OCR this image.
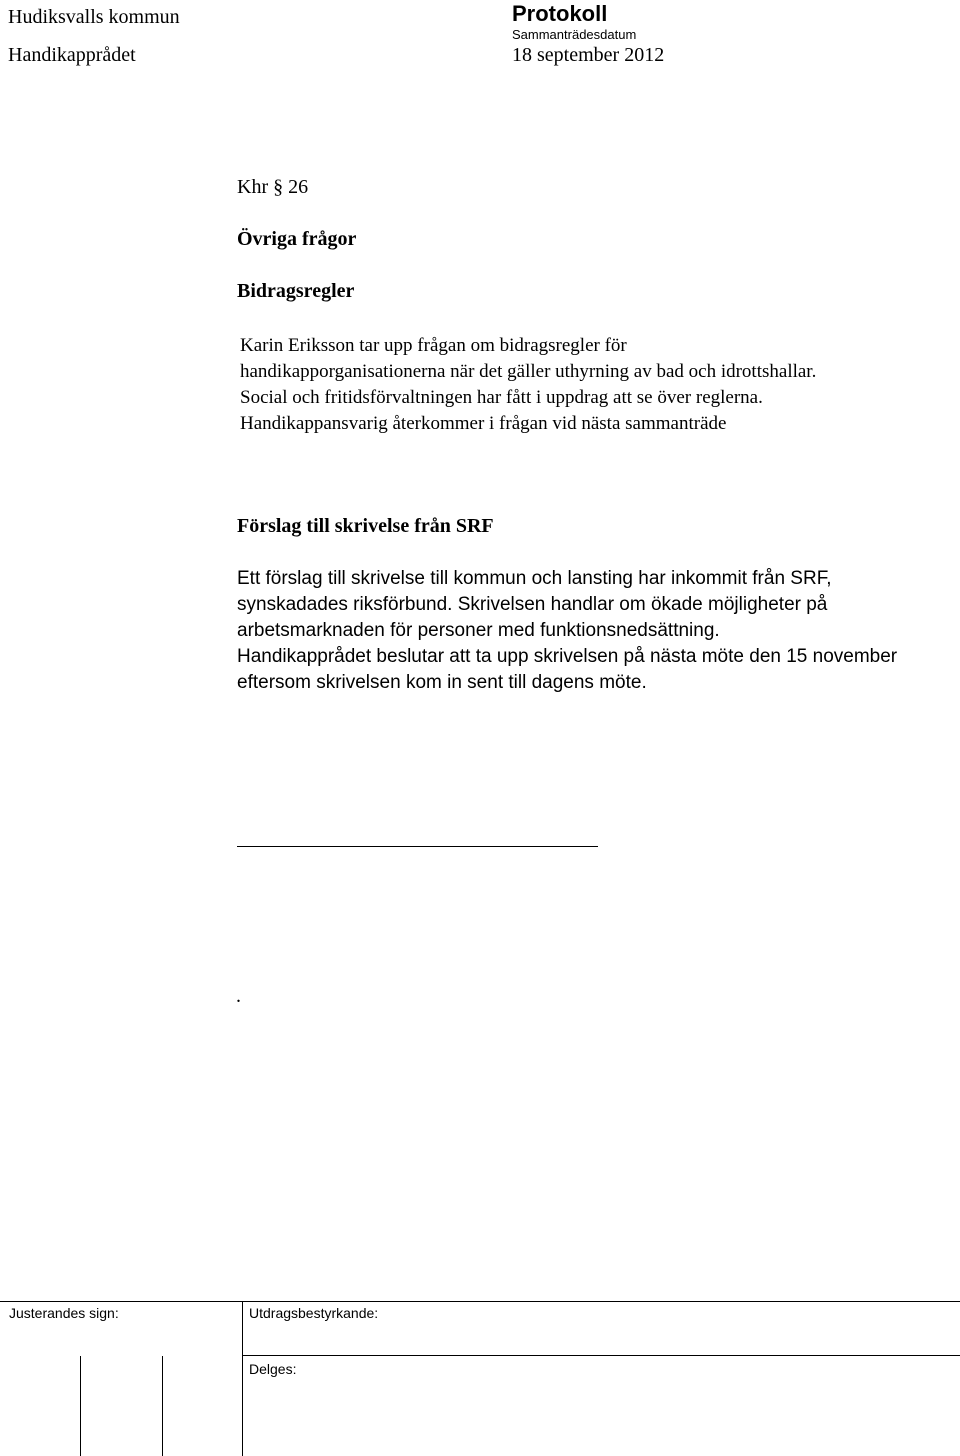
Hudiksvalls kommun
Handikapprådet
Protokoll
Sammanträdesdatum
18 september 2012
Khr § 26
Övriga frågor
Bidragsregler
Karin Eriksson tar upp frågan om bidragsregler för
handikapporganisationerna när det gäller uthyrning av bad och idrottshallar.
Social och fritidsförvaltningen har fått i uppdrag att se över reglerna.
Handikappansvarig återkommer i frågan vid nästa sammanträde
Förslag till skrivelse från SRF
Ett förslag till skrivelse till kommun och lansting har inkommit från SRF,
synskadades riksförbund. Skrivelsen handlar om ökade möjligheter på
arbetsmarknaden för personer med funktionsnedsättning.
Handikapprådet beslutar att ta upp skrivelsen på nästa möte den 15 november
eftersom skrivelsen kom in sent till dagens möte.
.
Justerandes sign:	Utdragsbestyrkande:
Delges:
